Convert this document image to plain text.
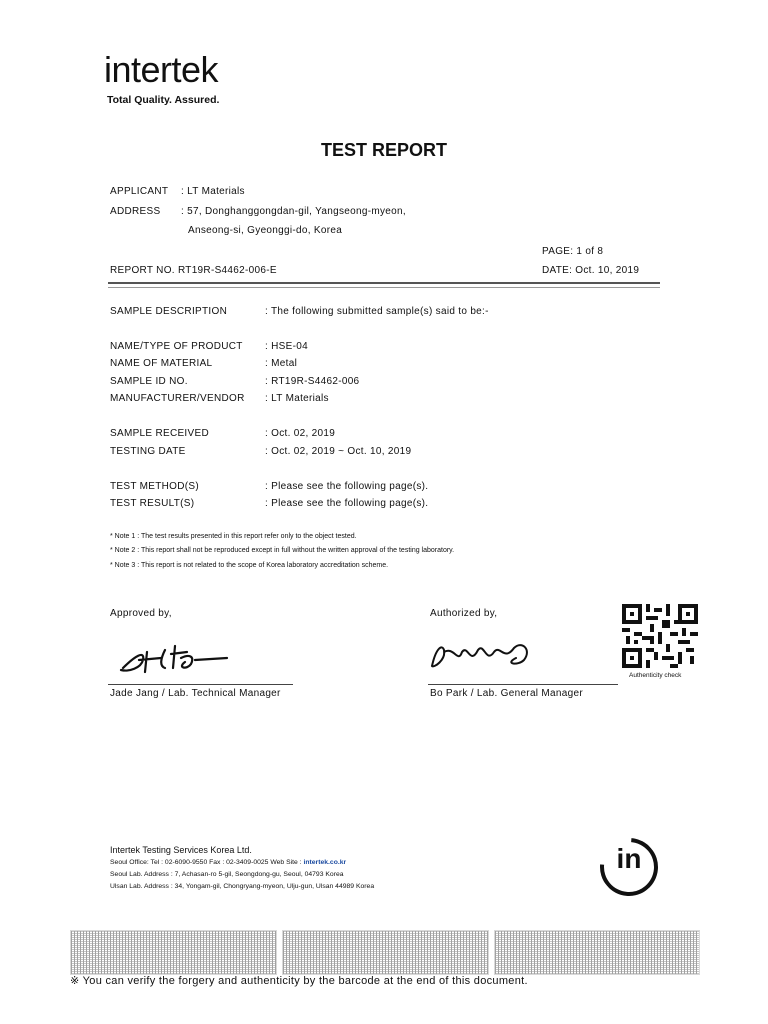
intertek
Total Quality. Assured.
TEST REPORT
APPLICANT : LT Materials
ADDRESS : 57, Donghanggongdan-gil, Yangseong-myeon,
Anseong-si, Gyeonggi-do, Korea
PAGE: 1 of 8
REPORT NO. RT19R-S4462-006-E	DATE: Oct. 10, 2019
SAMPLE DESCRIPTION	: The following submitted sample(s) said to be:-
NAME/TYPE OF PRODUCT : HSE-04
NAME OF MATERIAL	: Metal
SAMPLE ID NO.	: RT19R-S4462-006
MANUFACTURER/VENDOR : LT Materials
SAMPLE RECEIVED	: Oct. 02, 2019
TESTING DATE	: Oct. 02, 2019 ~ Oct. 10, 2019
TEST METHOD(S)	: Please see the following page(s).
TEST RESULT(S)	: Please see the following page(s).
* Note 1 : The test results presented in this report refer only to the object tested.
* Note 2 : This report shall not be reproduced except in full without the written approval of the testing laboratory.
* Note 3 : This report is not related to the scope of Korea laboratory accreditation scheme.
Approved by,	Authorized by,
Jade Jang / Lab. Technical Manager	Bo Park / Lab. General Manager
Authenticity check
Intertek Testing Services Korea Ltd.
Seoul Office: Tel : 02-6090-9550 Fax : 02-3409-0025 Web Site : intertek.co.kr
Seoul Lab. Address : 7, Achasan-ro 5-gil, Seongdong-gu, Seoul, 04793 Korea
Ulsan Lab. Address : 34, Yongam-gil, Chongryang-myeon, Ulju-gun, Ulsan 44989 Korea
in
※ You can verify the forgery and authenticity by the barcode at the end of this document.
